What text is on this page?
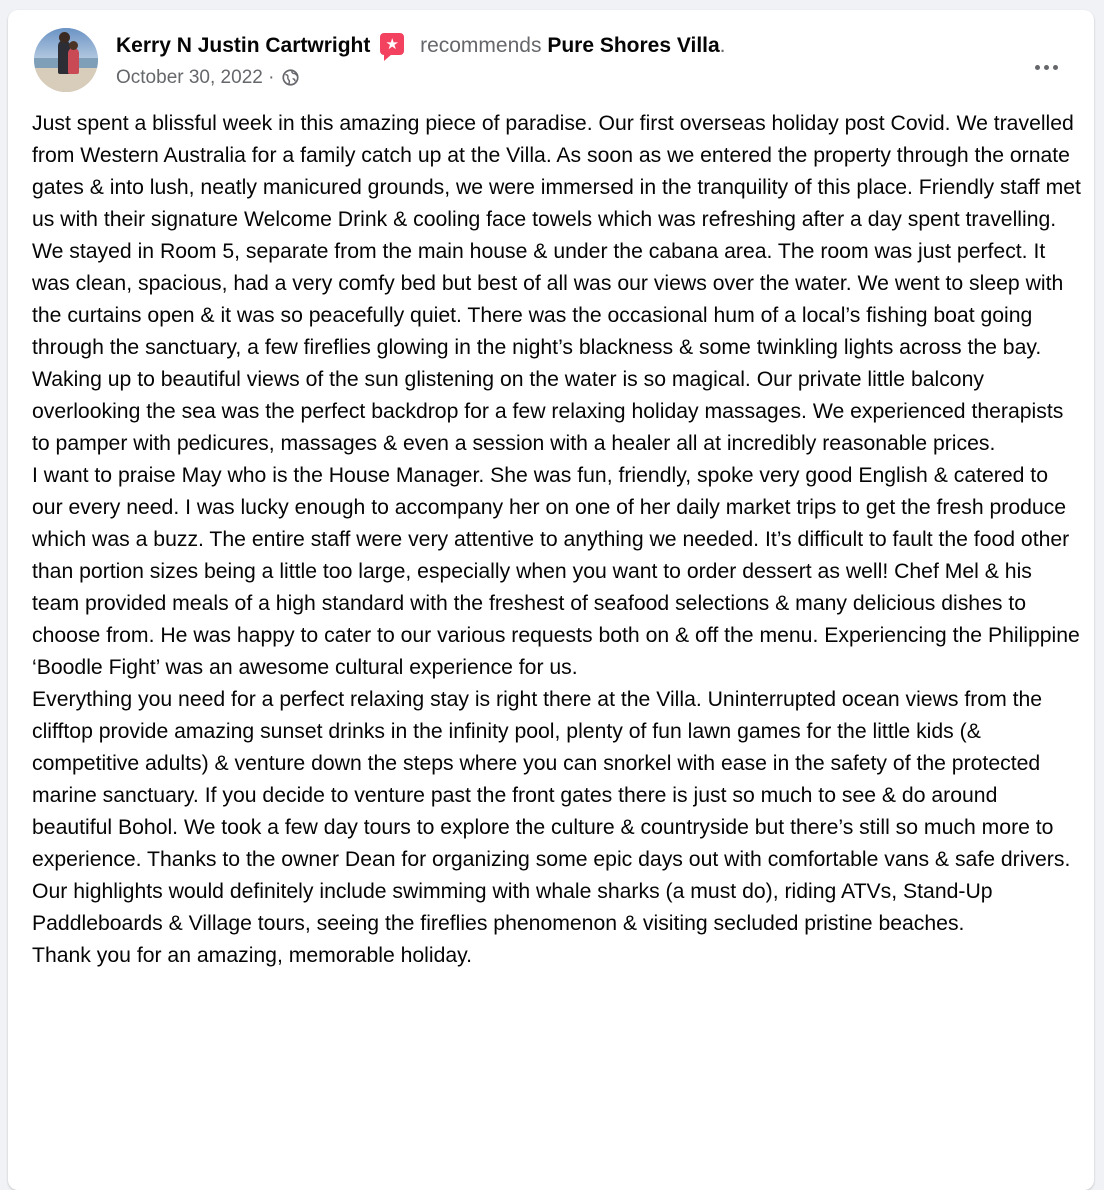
Kerry N Justin Cartwright	★ recommends Pure Shores Villa.
October 30, 2022 ·

Just spent a blissful week in this amazing piece of paradise. Our first overseas holiday post Covid. We travelled from Western Australia for a family catch up at the Villa. As soon as we entered the property through the ornate gates & into lush, neatly manicured grounds, we were immersed in the tranquility of this place. Friendly staff met us with their signature Welcome Drink & cooling face towels which was refreshing after a day spent travelling.

We stayed in Room 5, separate from the main house & under the cabana area. The room was just perfect. It was clean, spacious, had a very comfy bed but best of all was our views over the water. We went to sleep with the curtains open & it was so peacefully quiet. There was the occasional hum of a local’s fishing boat going through the sanctuary, a few fireflies glowing in the night’s blackness & some twinkling lights across the bay. Waking up to beautiful views of the sun glistening on the water is so magical. Our private little balcony overlooking the sea was the perfect backdrop for a few relaxing holiday massages. We experienced therapists to pamper with pedicures, massages & even a session with a healer all at incredibly reasonable prices.

I want to praise May who is the House Manager. She was fun, friendly, spoke very good English & catered to our every need. I was lucky enough to accompany her on one of her daily market trips to get the fresh produce which was a buzz. The entire staff were very attentive to anything we needed. It’s difficult to fault the food other than portion sizes being a little too large, especially when you want to order dessert as well! Chef Mel & his team provided meals of a high standard with the freshest of seafood selections & many delicious dishes to choose from. He was happy to cater to our various requests both on & off the menu. Experiencing the Philippine ‘Boodle Fight’ was an awesome cultural experience for us.

Everything you need for a perfect relaxing stay is right there at the Villa. Uninterrupted ocean views from the clifftop provide amazing sunset drinks in the infinity pool, plenty of fun lawn games for the little kids (& competitive adults) & venture down the steps where you can snorkel with ease in the safety of the protected marine sanctuary. If you decide to venture past the front gates there is just so much to see & do around beautiful Bohol. We took a few day tours to explore the culture & countryside but there’s still so much more to experience. Thanks to the owner Dean for organizing some epic days out with comfortable vans & safe drivers. Our highlights would definitely include swimming with whale sharks (a must do), riding ATVs, Stand-Up Paddleboards & Village tours, seeing the fireflies phenomenon & visiting secluded pristine beaches.

Thank you for an amazing, memorable holiday.
